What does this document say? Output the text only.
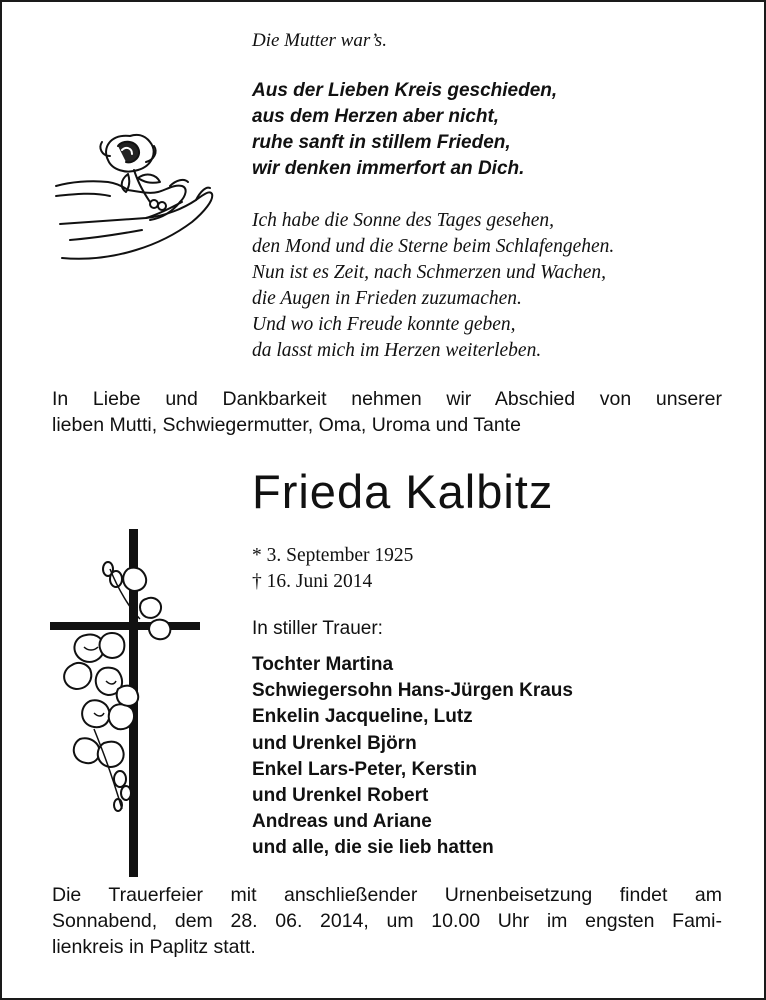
Die Mutter war’s.
Aus der Lieben Kreis geschieden,
aus dem Herzen aber nicht,
ruhe sanft in stillem Frieden,
wir denken immerfort an Dich.
Ich habe die Sonne des Tages gesehen,
den Mond und die Sterne beim Schlafengehen.
Nun ist es Zeit, nach Schmerzen und Wachen,
die Augen in Frieden zuzumachen.
Und wo ich Freude konnte geben,
da lasst mich im Herzen weiterleben.
In Liebe und Dankbarkeit nehmen wir Abschied von unserer
lieben Mutti, Schwiegermutter, Oma, Uroma und Tante
Frieda Kalbitz
* 3. September 1925
† 16. Juni 2014
In stiller Trauer:
Tochter Martina
Schwiegersohn Hans-Jürgen Kraus
Enkelin Jacqueline, Lutz
und Urenkel Björn
Enkel Lars-Peter, Kerstin
und Urenkel Robert
Andreas und Ariane
und alle, die sie lieb hatten
Die Trauerfeier mit anschließender Urnenbeisetzung findet am
Sonnabend, dem 28. 06. 2014, um 10.00 Uhr im engsten Fami-
lienkreis in Paplitz statt.
